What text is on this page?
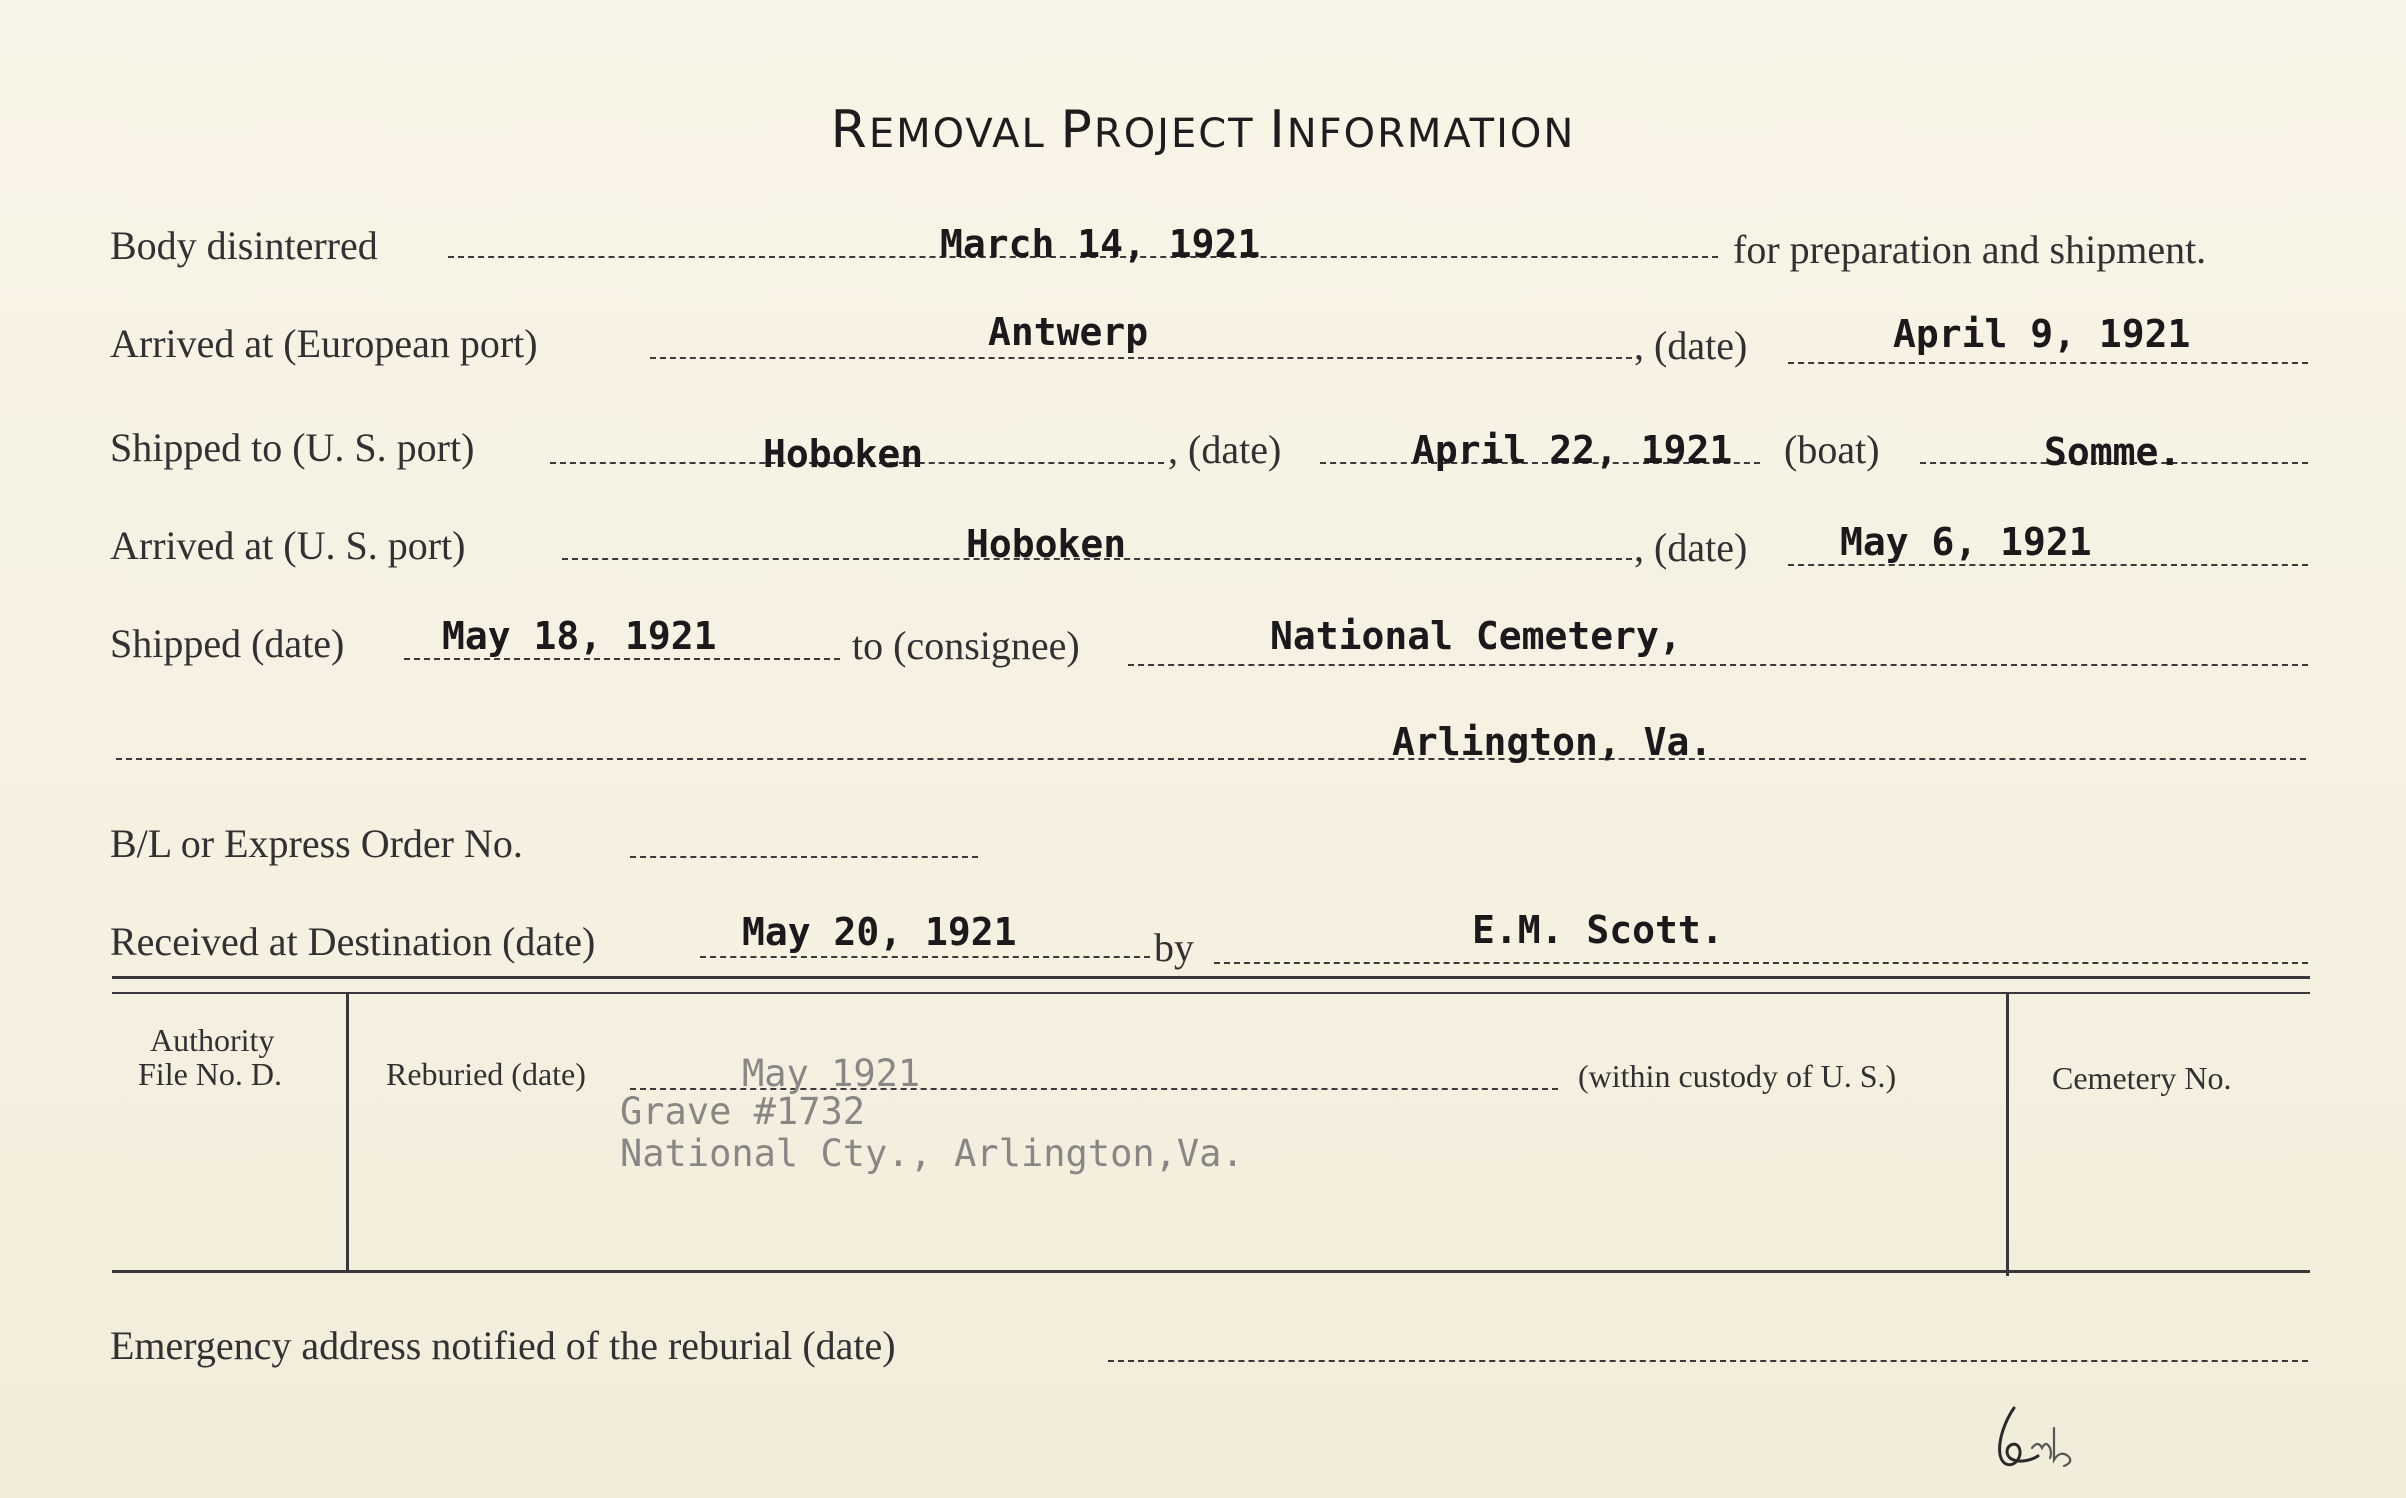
REMOVAL PROJECT INFORMATION
Body disinterred	March 14, 1921	for preparation and shipment.
Arrived at (European port)	Antwerp	, (date)	April 9, 1921
Shipped to (U. S. port)	Hoboken	, (date)	April 22, 1921 (boat)	Somme.
Arrived at (U. S. port)	Hoboken	, (date) May 6, 1921
Shipped (date)	May 18, 1921	to (consignee)	National Cemetery,
Arlington, Va.
B/L or Express Order No.
Received at Destination (date)	May 20, 1921	by	E.M. Scott.
Authority
File No. D.	Reburied (date)	May 1921	(within custody of U. S.)
Grave #1732
National Cty., Arlington,Va.
Cemetery No.
Emergency address notified of the reburial (date)
